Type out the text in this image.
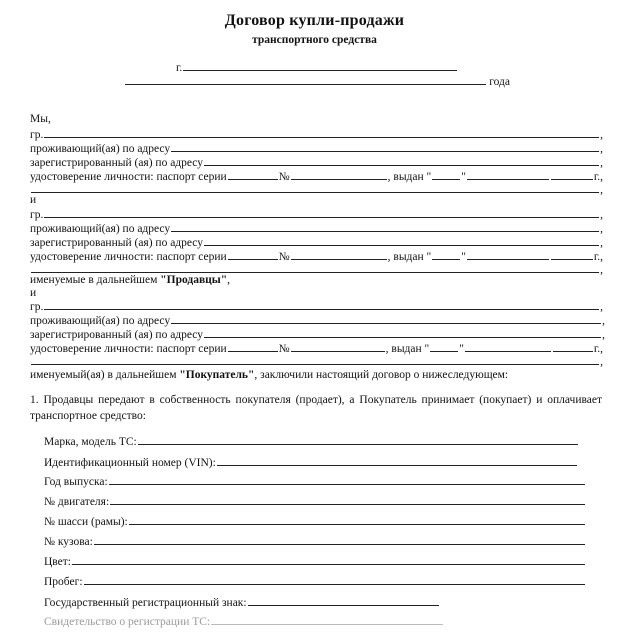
Договор купли-продажи
транспортного средства
г.
года
Мы,
гр.	,
проживающий(ая) по адресу	,
зарегистрированный (ая) по адресу	,
удостоверение личности: паспорт серии	№	, выдан "	"	г.,
,
и
гр.	,
проживающий(ая) по адресу	,
зарегистрированный (ая) по адресу	,
удостоверение личности: паспорт серии	№	, выдан "	"	г.,
,
именуемые в дальнейшем "Продавцы" ,
и
гр.	,
проживающий(ая) по адресу	,
зарегистрированный (ая) по адресу	,
удостоверение личности: паспорт серии	№	, выдан "	"	г.,
,
именуемый(ая) в дальнейшем "Покупатель" , заключили настоящий договор о нижеследующем:
1. Продавцы передают в собственность покупателя (продает), а Покупатель принимает (покупает) и оплачивает транспортное средство:
Марка, модель ТС:
Идентификационный номер (VIN):
Год выпуска:
№ двигателя:
№ шасси (рамы):
№ кузова:
Цвет:
Пробег:
Государственный регистрационный знак:
Свидетельство о регистрации ТС:
